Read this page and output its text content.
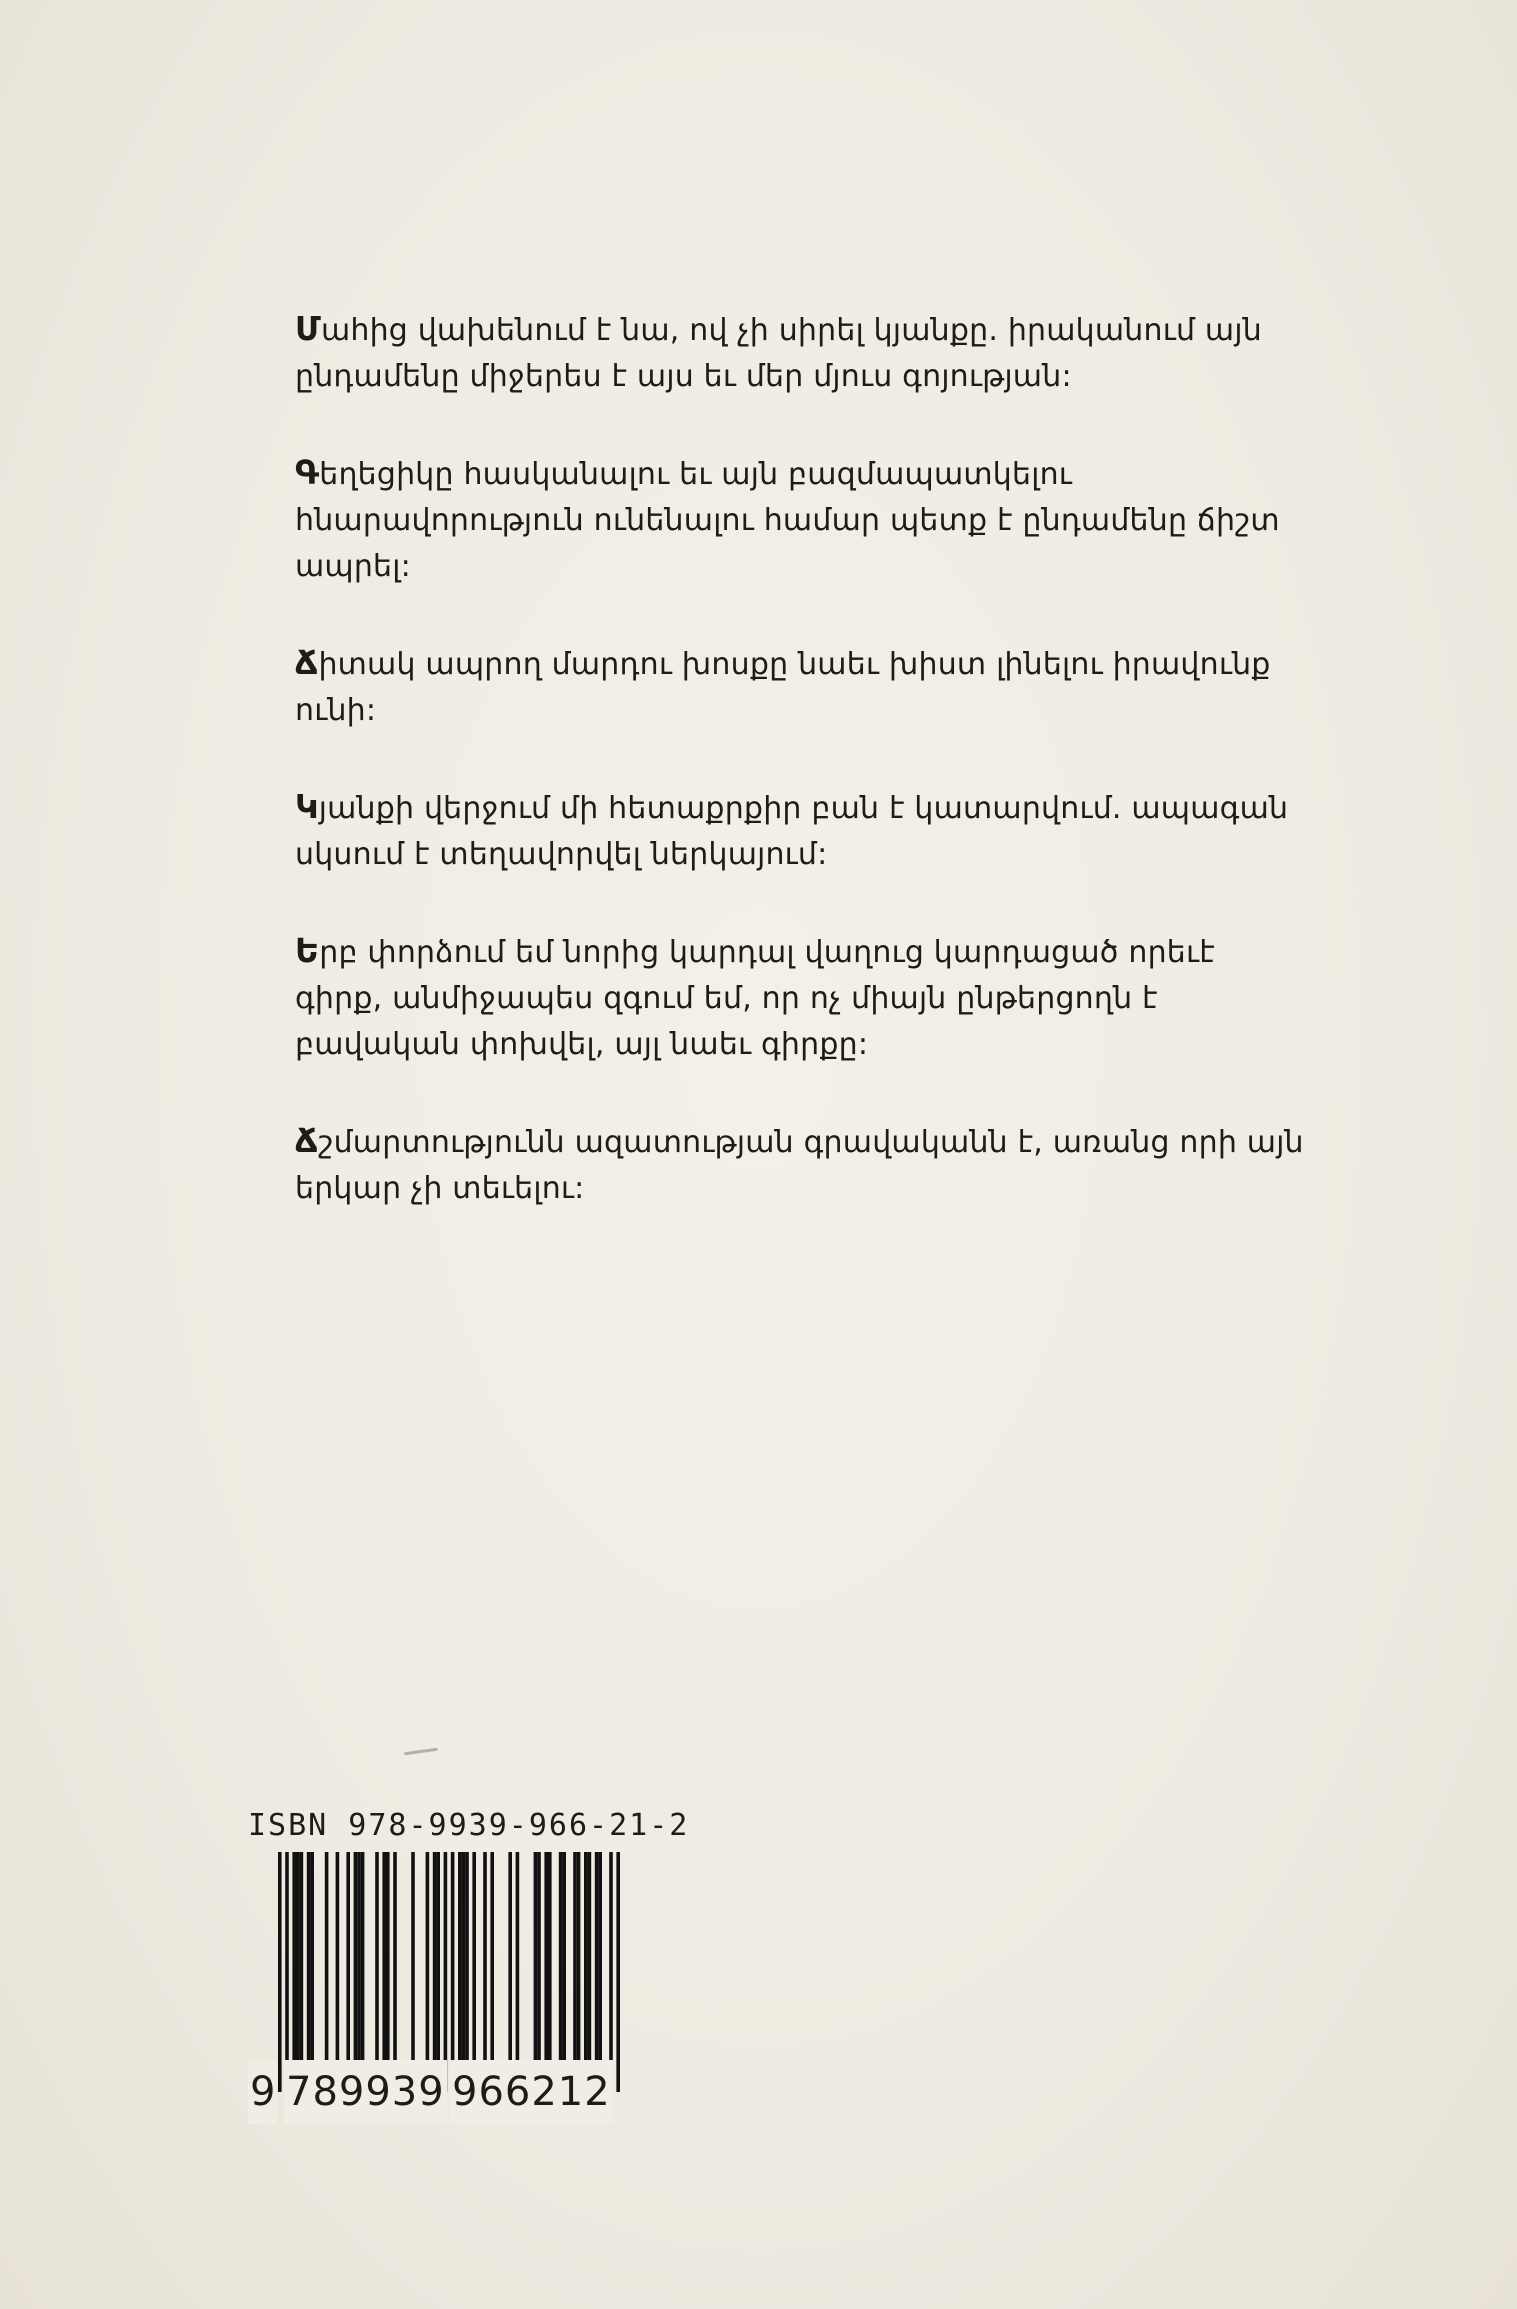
Մահից վախենում է նա, ով չի սիրել կյանքը. իրականում այն ընդամենը միջերես է այս եւ մեր մյուս գոյության:

Գեղեցիկը հասկանալու եւ այն բազմապատկելու հնարավորություն ունենալու համար պետք է ընդամենը ճիշտ ապրել:

Ճիտակ ապրող մարդու խոսքը նաեւ խիստ լինելու իրավունք ունի:

Կյանքի վերջում մի հետաքրքիր բան է կատարվում. ապագան սկսում է տեղավորվել ներկայում:

Երբ փորձում եմ նորից կարդալ վաղուց կարդացած որեւէ գիրք, անմիջապես զգում եմ, որ ոչ միայն ընթերցողն է բավական փոխվել, այլ նաեւ գիրքը:

Ճշմարտությունն ազատության գրավականն է, առանց որի այն երկար չի տեւելու:

ISBN 978-9939-966-21-2
9 789939 966212
